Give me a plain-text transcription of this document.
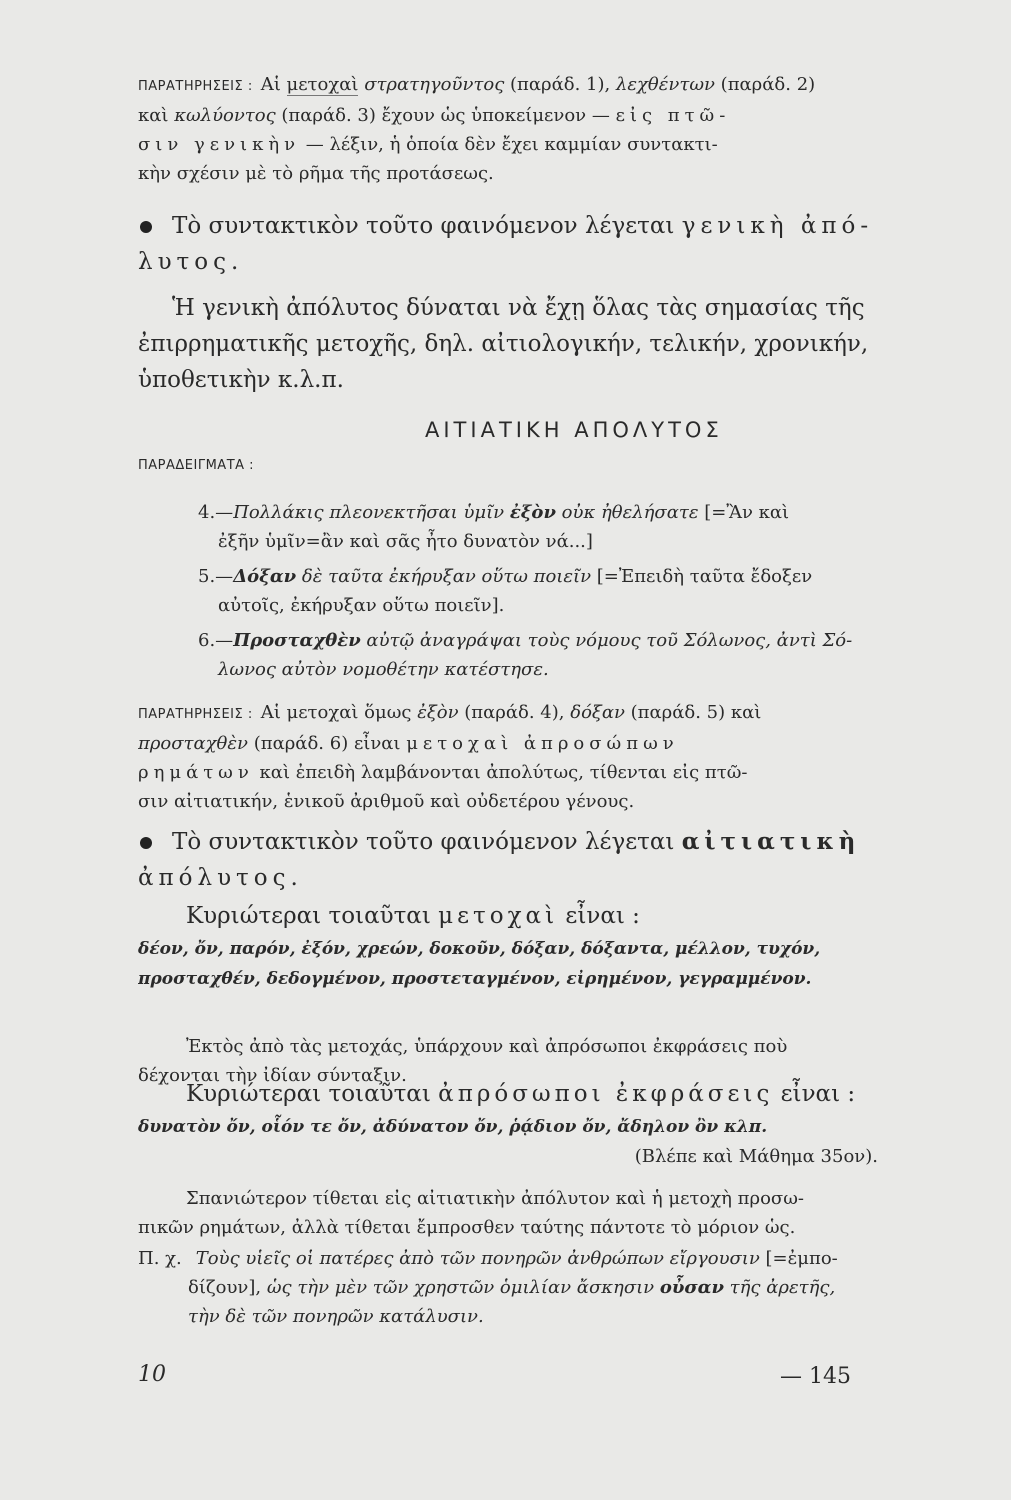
ΠΑΡΑΤΗΡΗΣΕΙΣ : Αἱ μετοχαὶ στρατηγοῦντος (παράδ. 1), λεχθέντων (παράδ. 2)
καὶ κωλύοντος (παράδ. 3) ἔχουν ὡς ὑποκείμενον — εἰς πτῶ-
σιν γενικὴν — λέξιν, ἡ ὁποία δὲν ἔχει καμμίαν συντακτι-
κὴν σχέσιν μὲ τὸ ρῆμα τῆς προτάσεως.
Τὸ συντακτικὸν τοῦτο φαινόμενον λέγεται γενικὴ ἀπό-
λυτος.
Ἡ γενικὴ ἀπόλυτος δύναται νὰ ἔχῃ ὅλας τὰς σημασίας τῆς
ἐπιρρηματικῆς μετοχῆς, δηλ. αἰτιολογικήν, τελικήν, χρονικήν,
ὑποθετικὴν κ.λ.π.
ΑΙΤΙΑΤΙΚΗ ΑΠΟΛΥΤΟΣ
ΠΑΡΑΔΕΙΓΜΑΤΑ :
4.—Πολλάκις πλεονεκτῆσαι ὑμῖν ἐξὸν οὐκ ἠθελήσατε [=Ἂν καὶ
ἐξῆν ὑμῖν=ἂν καὶ σᾶς ἦτο δυνατὸν νά...]
5.—Δόξαν δὲ ταῦτα ἐκήρυξαν οὕτω ποιεῖν [=Ἐπειδὴ ταῦτα ἔδοξεν
αὐτοῖς, ἐκήρυξαν οὕτω ποιεῖν].
6.—Προσταχθὲν αὐτῷ ἀναγράψαι τοὺς νόμους τοῦ Σόλωνος, ἀντὶ Σό-
λωνος αὐτὸν νομοθέτην κατέστησε.
ΠΑΡΑΤΗΡΗΣΕΙΣ : Αἱ μετοχαὶ ὅμως ἐξὸν (παράδ. 4), δόξαν (παράδ. 5) καὶ
προσταχθὲν (παράδ. 6) εἶναι μετοχαὶ ἀπροσώπων
ρημάτων καὶ ἐπειδὴ λαμβάνονται ἀπολύτως, τίθενται εἰς πτῶ-
σιν αἰτιατικήν, ἑνικοῦ ἀριθμοῦ καὶ οὐδετέρου γένους.
Τὸ συντακτικὸν τοῦτο φαινόμενον λέγεται αἰτιατικὴ
ἀπόλυτος.
Κυριώτεραι τοιαῦται μετοχαὶ εἶναι :
δέον, ὄν, παρόν, ἐξόν, χρεών, δοκοῦν, δόξαν, δόξαντα, μέλλον, τυχόν,
προσταχθέν, δεδογμένον, προστεταγμένον, εἰρημένον, γεγραμμένον.
Ἐκτὸς ἀπὸ τὰς μετοχάς, ὑπάρχουν καὶ ἀπρόσωποι ἐκφράσεις ποὺ
δέχονται τὴν ἰδίαν σύνταξιν.
Κυριώτεραι τοιαῦται ἀπρόσωποι ἐκφράσεις εἶναι :
δυνατὸν ὄν, οἷόν τε ὄν, ἀδύνατον ὄν, ῥᾴδιον ὄν, ἄδηλον ὂν κλπ.
(Βλέπε καὶ Μάθημα 35ον).
Σπανιώτερον τίθεται εἰς αἰτιατικὴν ἀπόλυτον καὶ ἡ μετοχὴ προσω-
πικῶν ρημάτων, ἀλλὰ τίθεται ἔμπροσθεν ταύτης πάντοτε τὸ μόριον ὡς.
Π. χ. Τοὺς υἱεῖς οἱ πατέρες ἀπὸ τῶν πονηρῶν ἀνθρώπων εἴργουσιν [=ἐμπο-
δίζουν], ὡς τὴν μὲν τῶν χρηστῶν ὁμιλίαν ἄσκησιν οὖσαν τῆς ἀρετῆς,
τὴν δὲ τῶν πονηρῶν κατάλυσιν.
10	— 145
